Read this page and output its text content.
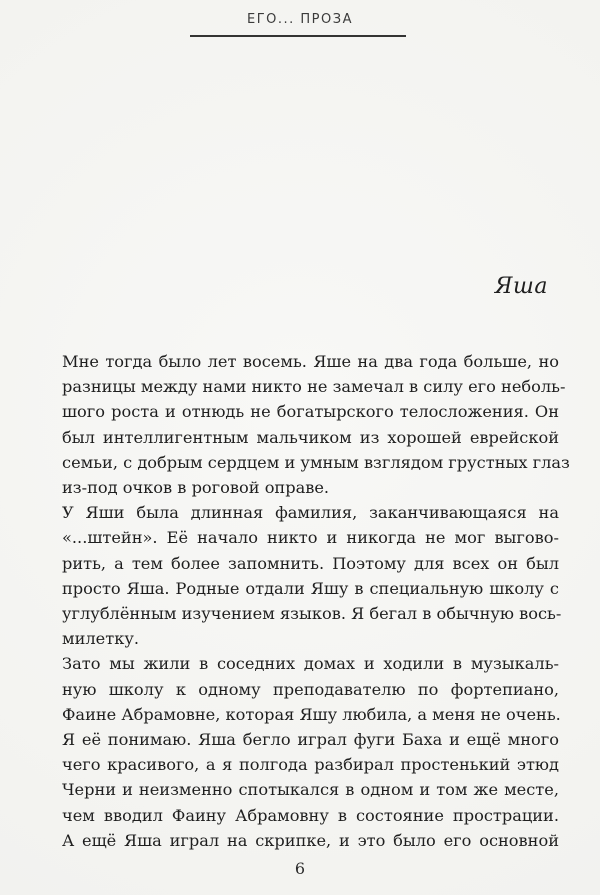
ЕГО... ПРОЗА
Яша
Мне тогда было лет восемь. Яше на два года больше, но
разницы между нами никто не замечал в силу его неболь-
шого роста и отнюдь не богатырского телосложения. Он
был интеллигентным мальчиком из хорошей еврейской
семьи, с добрым сердцем и умным взглядом грустных глаз
из-под очков в роговой оправе.
У Яши была длинная фамилия, заканчивающаяся на
«...штейн». Её начало никто и никогда не мог выгово-
рить, а тем более запомнить. Поэтому для всех он был
просто Яша. Родные отдали Яшу в специальную школу с
углублённым изучением языков. Я бегал в обычную вось-
милетку.
Зато мы жили в соседних домах и ходили в музыкаль-
ную школу к одному преподавателю по фортепиано,
Фаине Абрамовне, которая Яшу любила, а меня не очень.
Я её понимаю. Яша бегло играл фуги Баха и ещё много
чего красивого, а я полгода разбирал простенький этюд
Черни и неизменно спотыкался в одном и том же месте,
чем вводил Фаину Абрамовну в состояние прострации.
А ещё Яша играл на скрипке, и это было его основной
6
